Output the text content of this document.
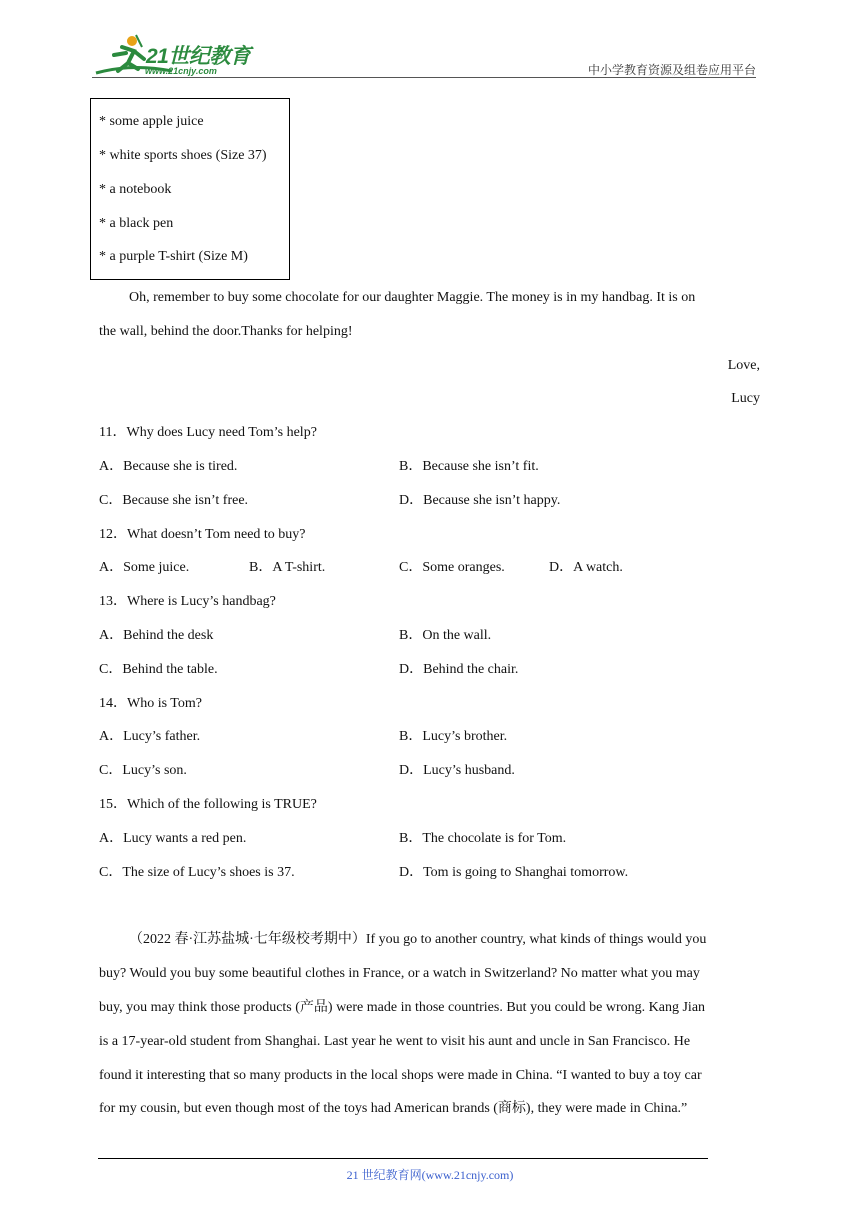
21世纪教育
www.21cnjy.com	中小学教育资源及组卷应用平台
* some apple juice
* white sports shoes (Size 37)
* a notebook
* a black pen
* a purple T-shirt (Size M)
Oh, remember to buy some chocolate for our daughter Maggie. The money is in my handbag. It is on
the wall, behind the door.Thanks for helping!
Love,
Lucy
11．Why does Lucy need Tom’s help?
A．Because she is tired.	B．Because she isn’t fit.
C．Because she isn’t free.	D．Because she isn’t happy.
12．What doesn’t Tom need to buy?
A．Some juice.	B．A T-shirt.	C．Some oranges.	D．A watch.
13．Where is Lucy’s handbag?
A．Behind the desk	B．On the wall.
C．Behind the table.	D．Behind the chair.
14．Who is Tom?
A．Lucy’s father.	B．Lucy’s brother.
C．Lucy’s son.	D．Lucy’s husband.
15．Which of the following is TRUE?
A．Lucy wants a red pen.	B．The chocolate is for Tom.
C．The size of Lucy’s shoes is 37.	D．Tom is going to Shanghai tomorrow.
（2022 春·江苏盐城·七年级校考期中）If you go to another country, what kinds of things would you
buy? Would you buy some beautiful clothes in France, or a watch in Switzerland? No matter what you may
buy, you may think those products (产品) were made in those countries. But you could be wrong. Kang Jian
is a 17-year-old student from Shanghai. Last year he went to visit his aunt and uncle in San Francisco. He
found it interesting that so many products in the local shops were made in China. “I wanted to buy a toy car
for my cousin, but even though most of the toys had American brands (商标), they were made in China.”
21 世纪教育网(www.21cnjy.com)
